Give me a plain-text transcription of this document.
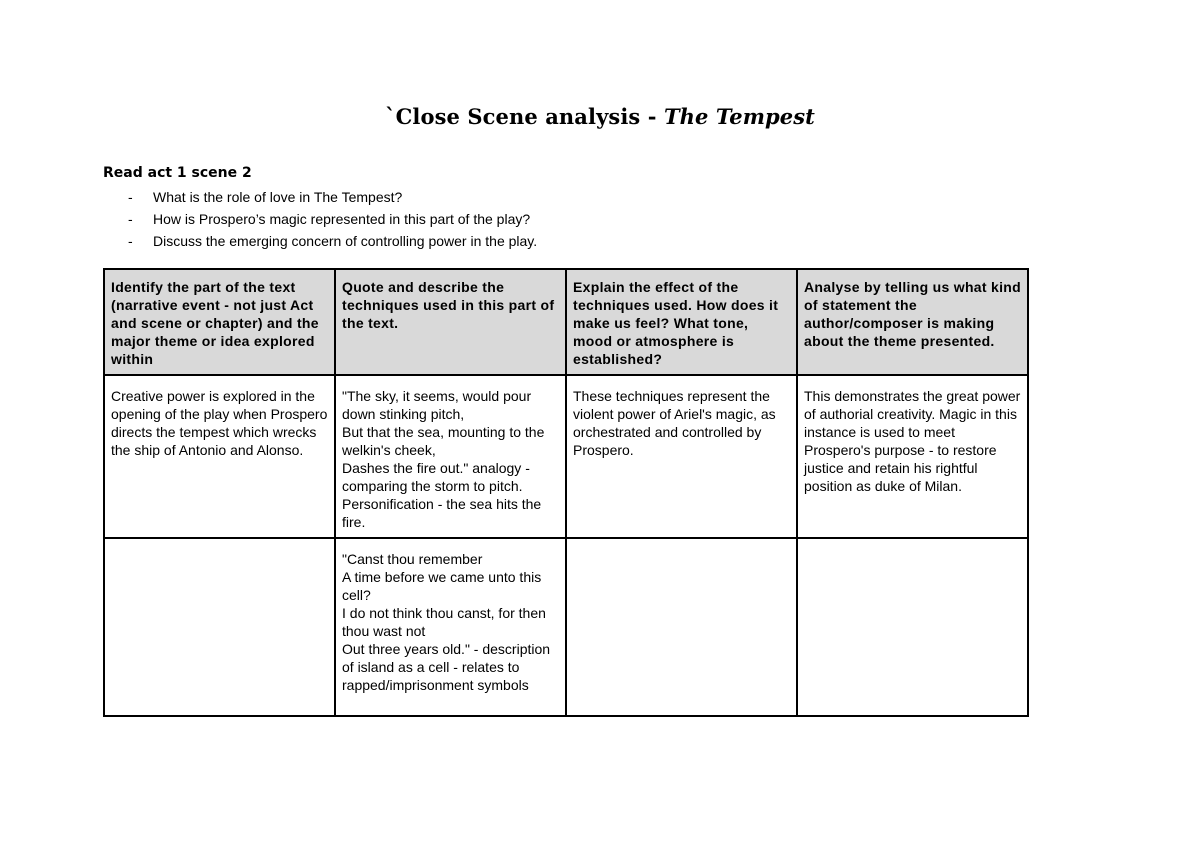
`Close Scene analysis - The Tempest
Read act 1 scene 2
- What is the role of love in The Tempest?
- How is Prospero’s magic represented in this part of the play?
- Discuss the emerging concern of controlling power in the play.
Identify the part of the text (narrative event - not just Act and scene or chapter) and the major theme or idea explored within	Quote and describe the techniques used in this part of the text.	Explain the effect of the techniques used. How does it make us feel? What tone, mood or atmosphere is established?	Analyse by telling us what kind of statement the author/composer is making about the theme presented.
Creative power is explored in the opening of the play when Prospero directs the tempest which wrecks the ship of Antonio and Alonso.	"The sky, it seems, would pour down stinking pitch,
But that the sea, mounting to the welkin's cheek,
Dashes the fire out." analogy - comparing the storm to pitch. Personification - the sea hits the fire.	These techniques represent the violent power of Ariel's magic, as orchestrated and controlled by Prospero.	This demonstrates the great power of authorial creativity. Magic in this instance is used to meet Prospero's purpose - to restore justice and retain his rightful position as duke of Milan.
	"Canst thou remember
A time before we came unto this cell?
I do not think thou canst, for then thou wast not
Out three years old." - description of island as a cell - relates to rapped/imprisonment symbols		
